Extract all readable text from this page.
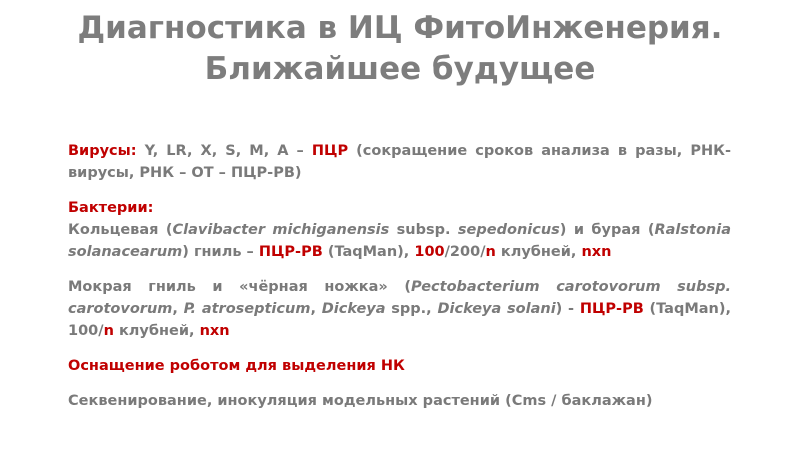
Диагностика в ИЦ ФитоИнженерия.
Ближайшее будущее

Вирусы: Y, LR, X, S, M, A – ПЦР (сокращение сроков анализа в разы, РНК-вирусы, РНК – ОТ – ПЦР-РВ)

Бактерии:
Кольцевая (Clavibacter michiganensis subsp. sepedonicus) и бурая (Ralstonia solanacearum) гниль – ПЦР-РВ (TaqMan), 100/200/n клубней, nxn

Мокрая гниль и «чёрная ножка» (Pectobacterium carotovorum subsp. carotovorum, P. atrosepticum, Dickeya spp., Dickeya solani) - ПЦР-РВ (TaqMan), 100/n клубней, nxn

Оснащение роботом для выделения НК

Секвенирование, инокуляция модельных растений (Cms / баклажан)
